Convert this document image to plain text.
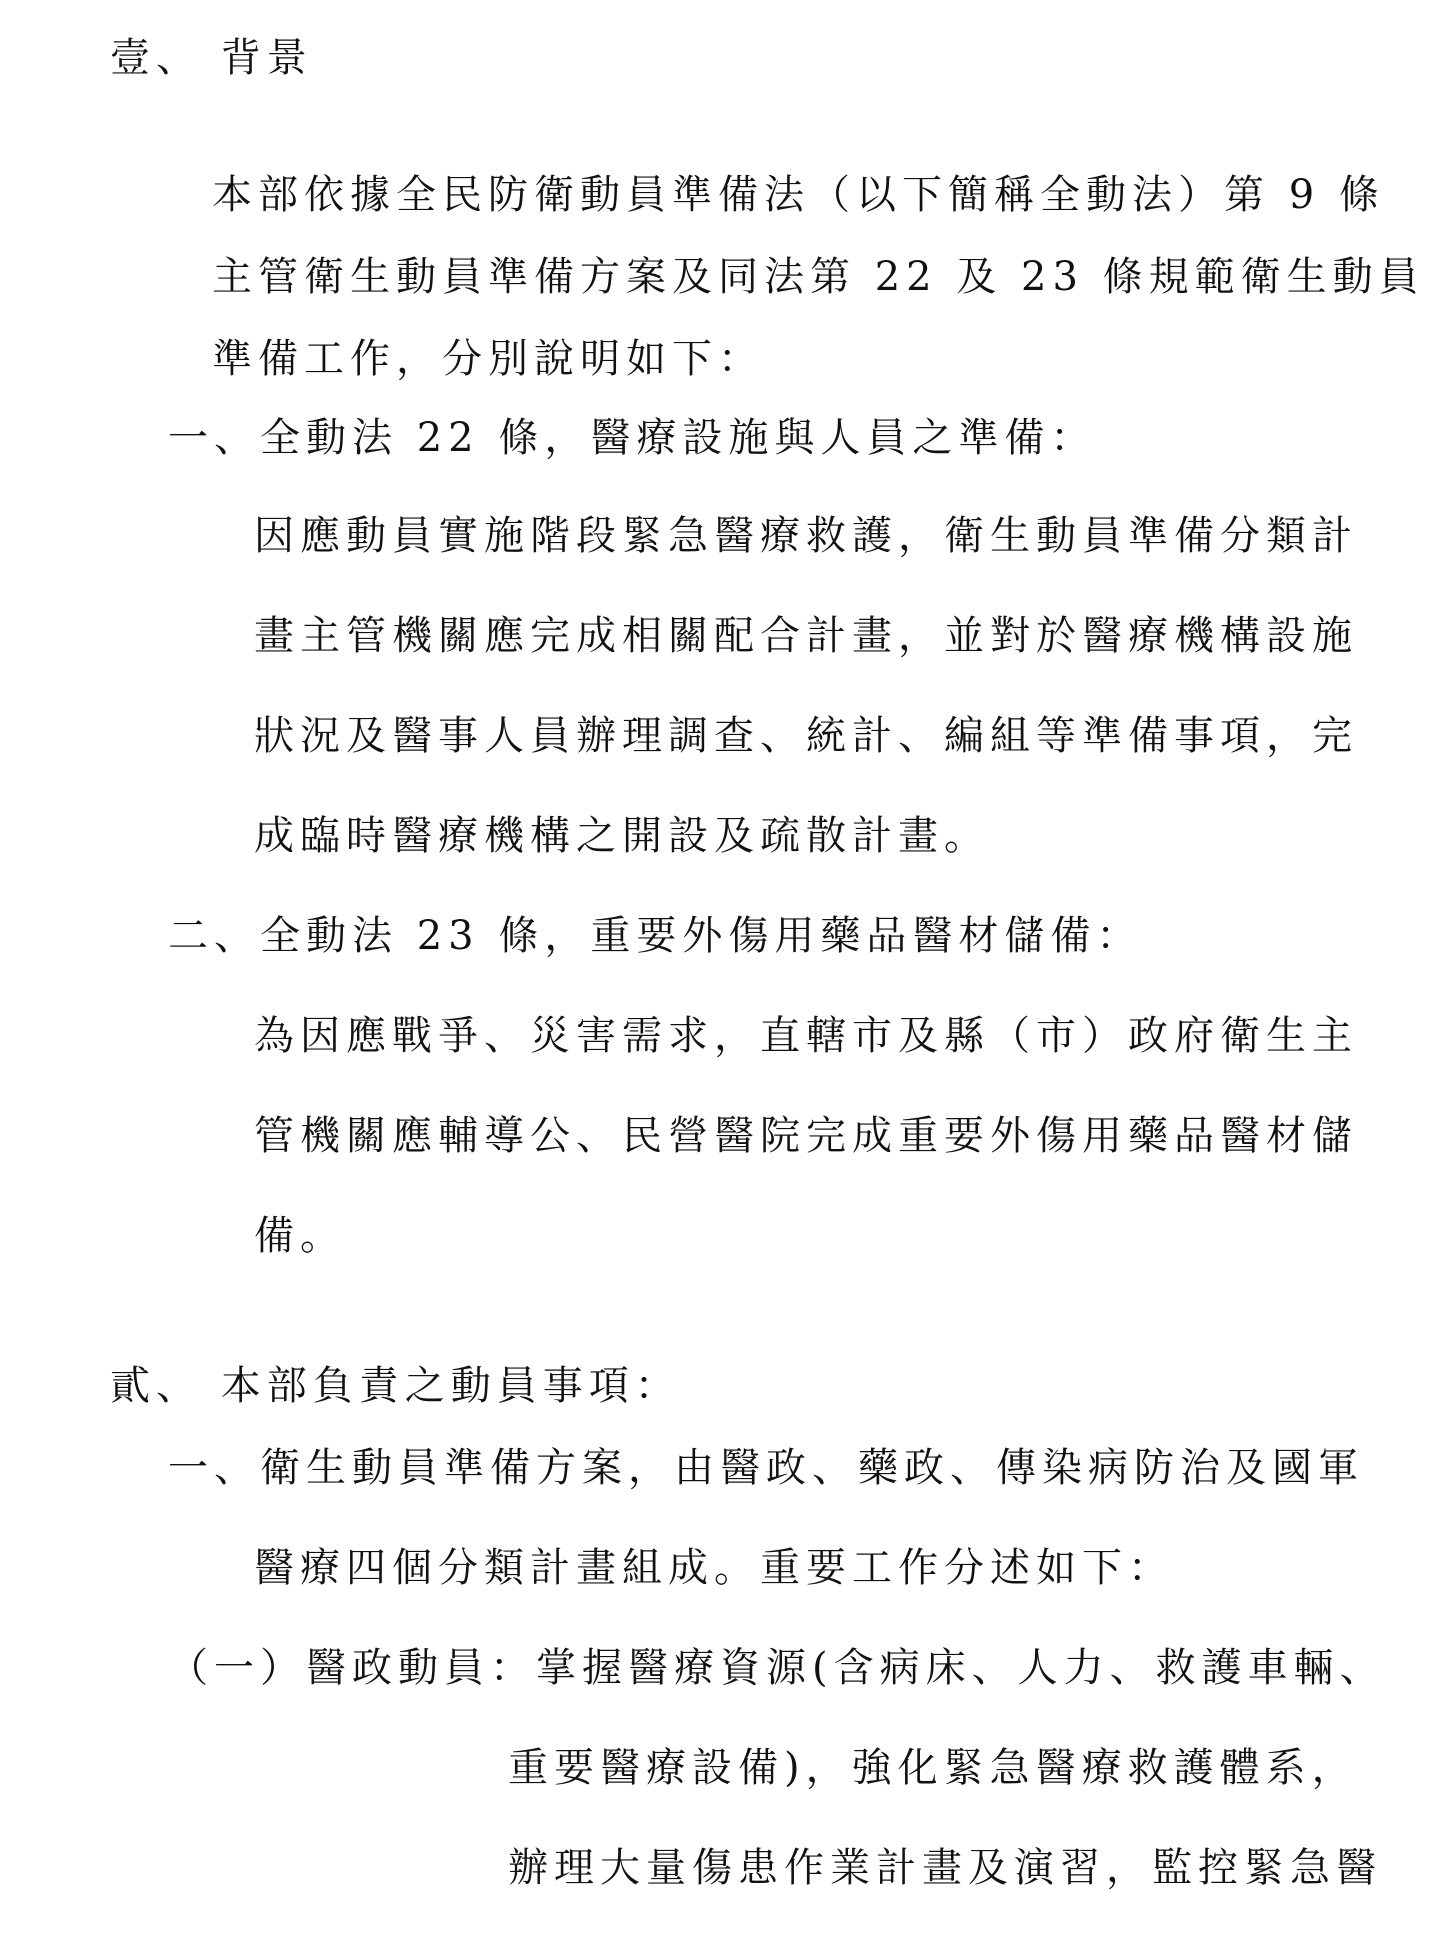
壹、 背景
本部依據全民防衛動員準備法（以下簡稱全動法）第 9 條
主管衛生動員準備方案及同法第 22 及 23 條規範衛生動員
準備工作，分別說明如下：
一、全動法 22 條，醫療設施與人員之準備：
因應動員實施階段緊急醫療救護，衛生動員準備分類計
畫主管機關應完成相關配合計畫，並對於醫療機構設施
狀況及醫事人員辦理調查、統計、編組等準備事項，完
成臨時醫療機構之開設及疏散計畫。
二、全動法 23 條，重要外傷用藥品醫材儲備：
為因應戰爭、災害需求，直轄市及縣（市）政府衛生主
管機關應輔導公、民營醫院完成重要外傷用藥品醫材儲
備。
貳、 本部負責之動員事項：
一、衛生動員準備方案，由醫政、藥政、傳染病防治及國軍
醫療四個分類計畫組成。重要工作分述如下：
（一）醫政動員：掌握醫療資源(含病床、人力、救護車輛、
重要醫療設備)，強化緊急醫療救護體系，
辦理大量傷患作業計畫及演習，監控緊急醫
